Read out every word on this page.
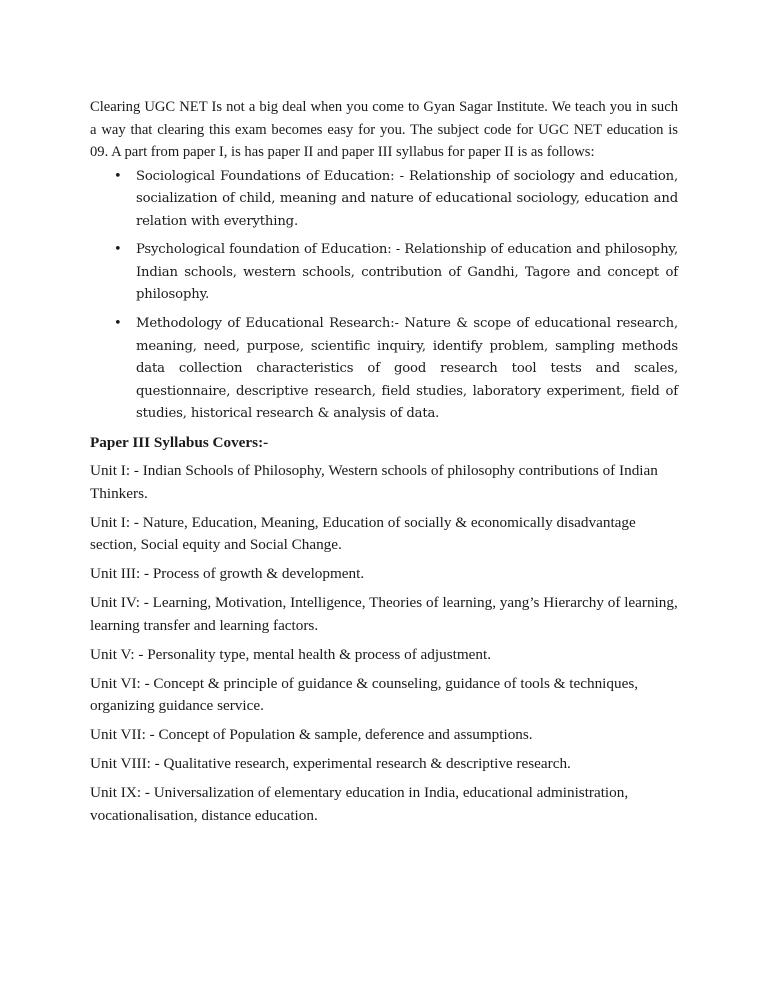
Clearing UGC NET Is not a big deal when you come to Gyan Sagar Institute. We teach you in such a way that clearing this exam becomes easy for you. The subject code for UGC NET education is 09. A part from paper I, is has paper II and paper III syllabus for paper II is as follows:

• Sociological Foundations of Education: - Relationship of sociology and education, socialization of child, meaning and nature of educational sociology, education and relation with everything.
• Psychological foundation of Education: - Relationship of education and philosophy, Indian schools, western schools, contribution of Gandhi, Tagore and concept of philosophy.
• Methodology of Educational Research:- Nature & scope of educational research, meaning, need, purpose, scientific inquiry, identify problem, sampling methods data collection characteristics of good research tool tests and scales, questionnaire, descriptive research, field studies, laboratory experiment, field of studies, historical research & analysis of data.
Paper III Syllabus Covers:-

Unit I: - Indian Schools of Philosophy, Western schools of philosophy contributions of Indian Thinkers.

Unit I: - Nature, Education, Meaning, Education of socially & economically disadvantage section, Social equity and Social Change.

Unit III: - Process of growth & development.

Unit IV: - Learning, Motivation, Intelligence, Theories of learning, yang’s Hierarchy of learning, learning transfer and learning factors.

Unit V: - Personality type, mental health & process of adjustment.

Unit VI: - Concept & principle of guidance & counseling, guidance of tools & techniques, organizing guidance service.

Unit VII: - Concept of Population & sample, deference and assumptions.

Unit VIII: - Qualitative research, experimental research & descriptive research.

Unit IX: - Universalization of elementary education in India, educational administration, vocationalisation, distance education.
